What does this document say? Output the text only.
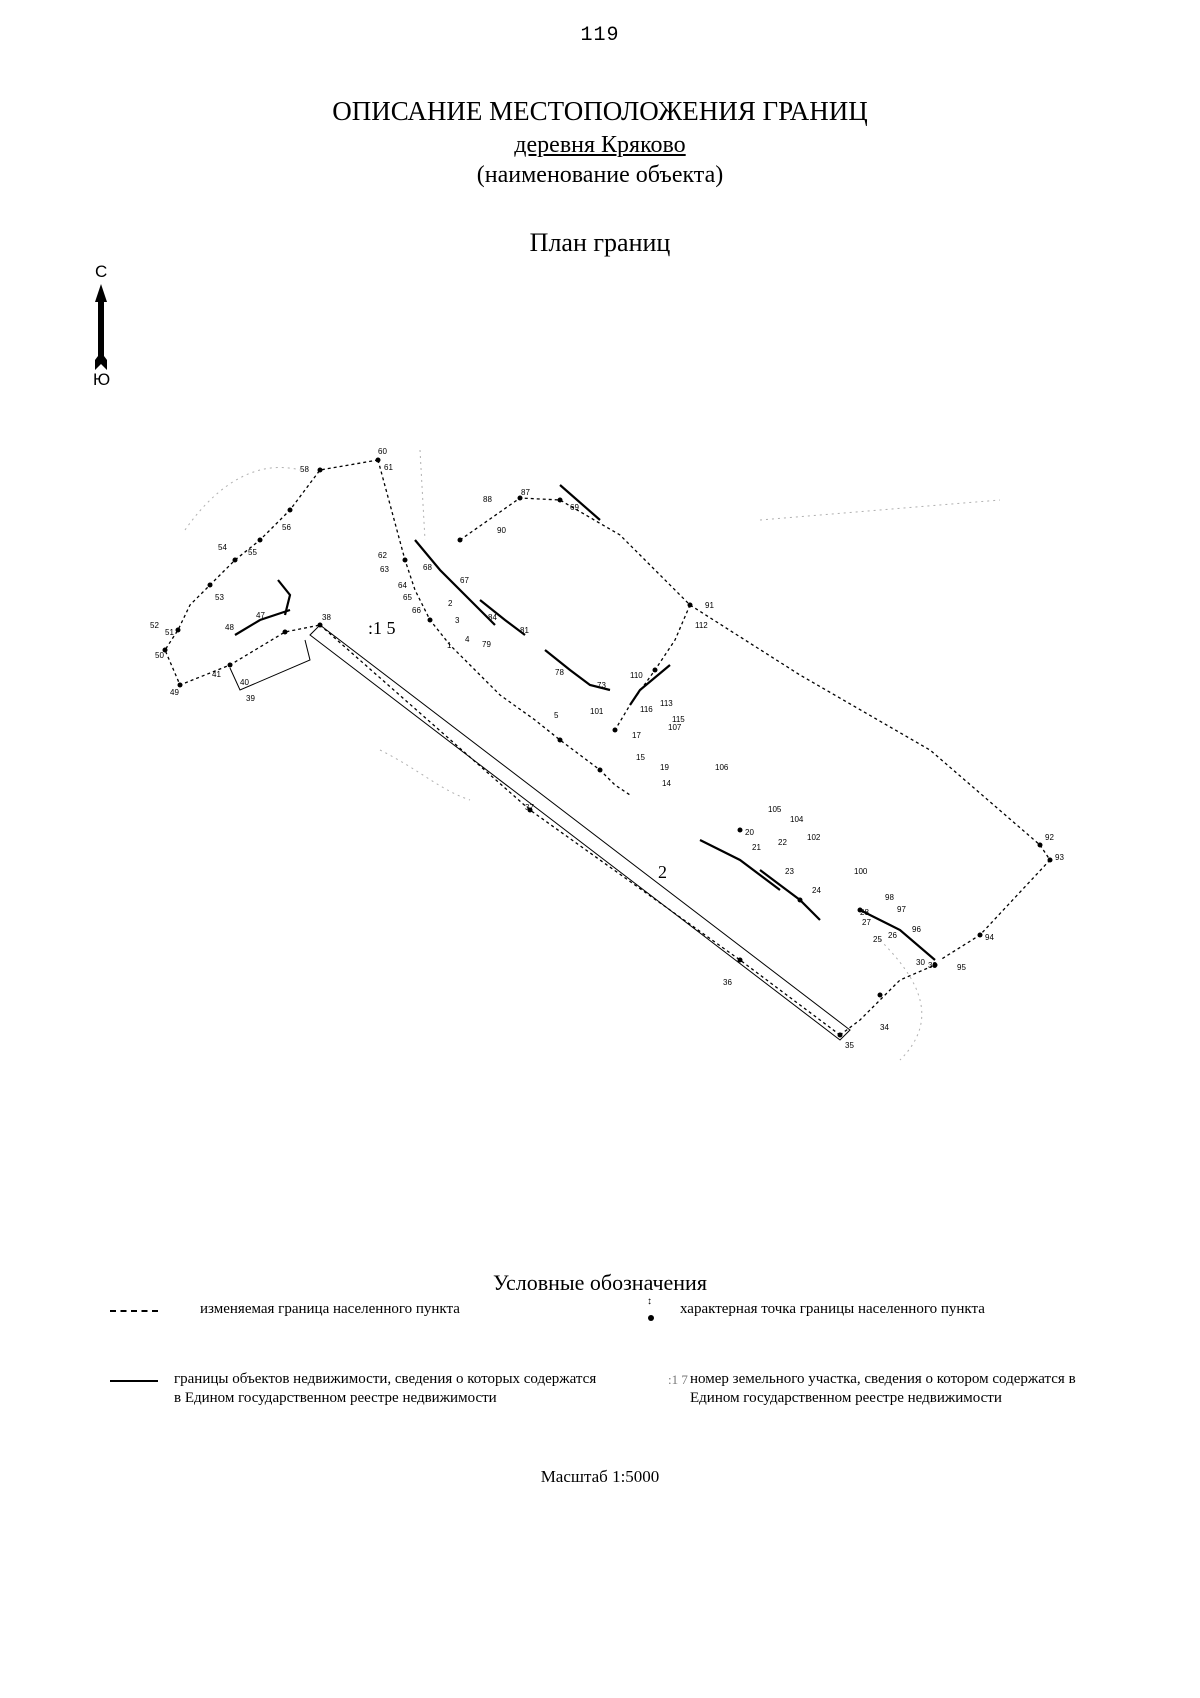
119
ОПИСАНИЕ МЕСТОПОЛОЖЕНИЯ ГРАНИЦ
деревня Кряково
(наименование объекта)
План границ
С
Ю
60
61
58
56
55
54
53
52
51
50
49
48
47
41
40
39
38
62
63
64
65
66
68
67
88
87
90
69
84
81
79
78
73
110
91
112
92
93
94
95
96
97
98
100
102
104
105
106
107
113
115
116
101
17
15
19
14
20
21
22
23
24
28
27
25 26
30 33
34
35
36
37
2
3
4
1
5
:1 5
2
Условные обозначения
изменяемая граница населенного пункта	↕ характерная точка границы населенного пункта
границы объектов недвижимости, сведения о которых содержатся в Едином государственном реестре недвижимости
:1 7 номер земельного участка, сведения о котором содержатся в Едином государственном реестре недвижимости
Масштаб 1:5000
